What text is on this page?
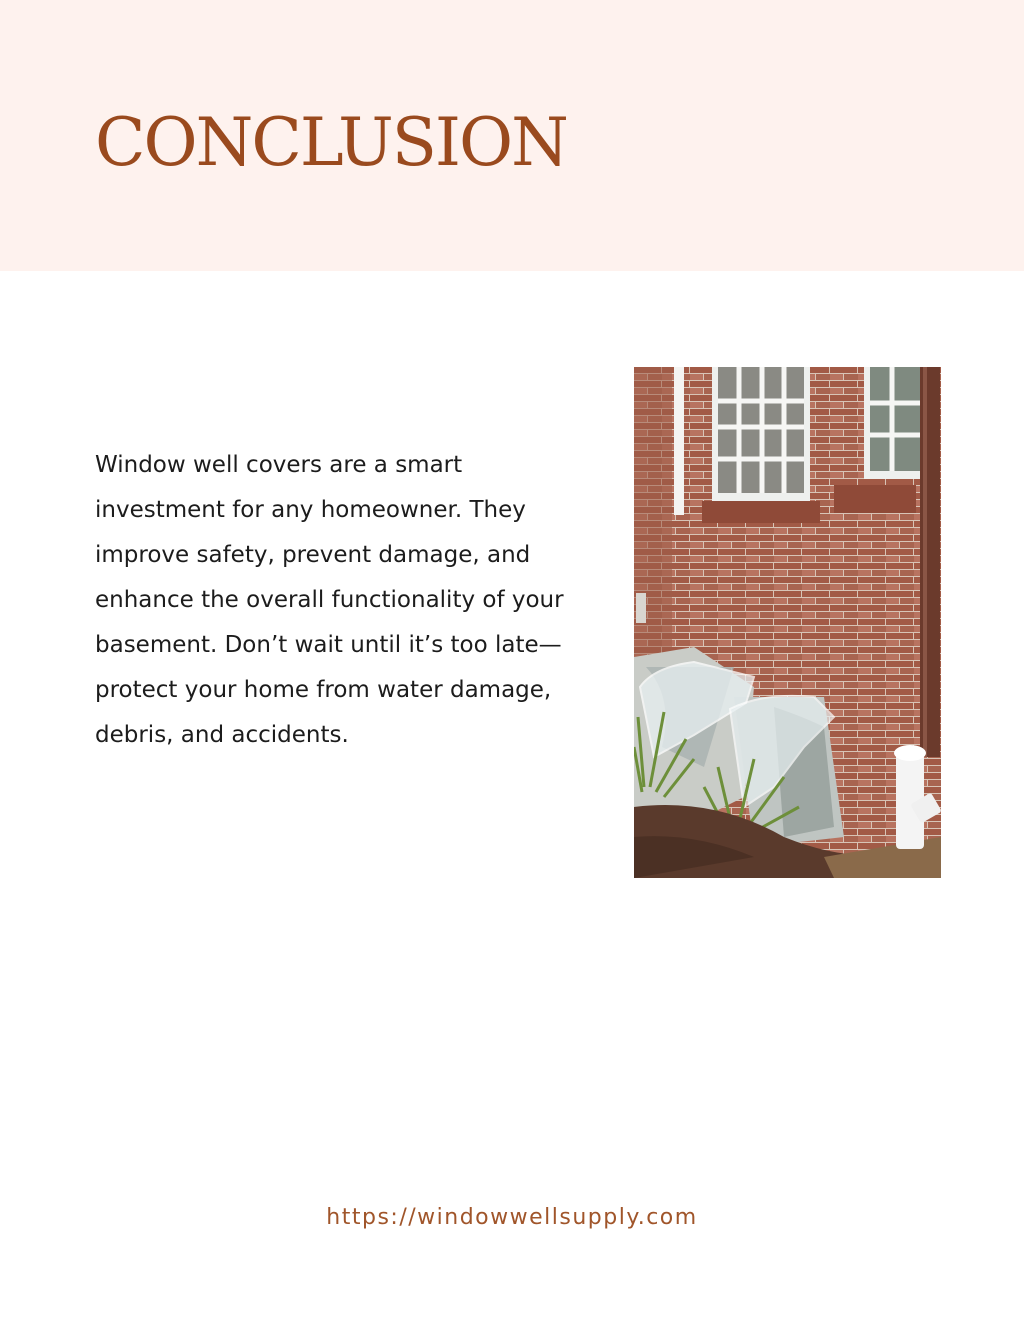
CONCLUSION

Window well covers are a smart investment for any homeowner. They improve safety, prevent damage, and enhance the overall functionality of your basement. Don’t wait until it’s too late—protect your home from water damage, debris, and accidents.

https://windowwellsupply.com
